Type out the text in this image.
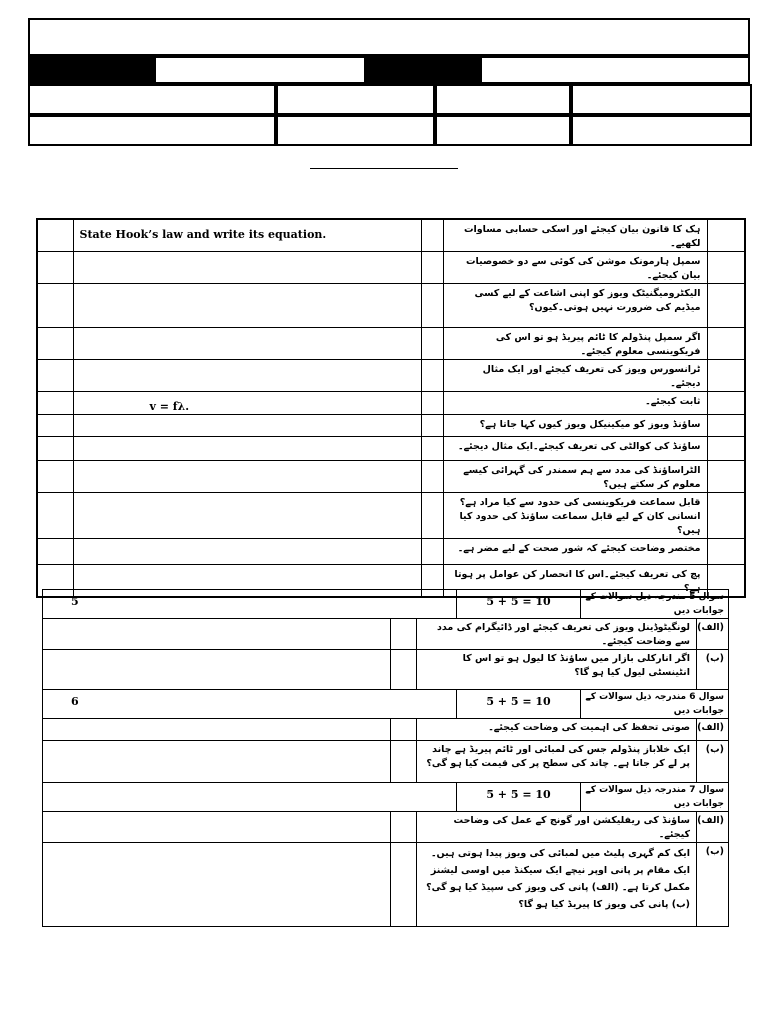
	State Hook’s law and write its equation.		ہک کا قانون بیان کیجئے اور اسکی حسابی مساوات لکھیے۔	

			سمپل ہارمونک موشن کی کوئی سے دو خصوصیات بیان کیجئے۔	

			الیکٹرومیگنیٹک ویوز کو اپنی اشاعت کے لیے کسی میڈیم کی ضرورت نہیں ہوتی۔کیوں؟	

			اگر سمپل پنڈولم کا ٹائم پیریڈ ہو تو اس کی فریکوینسی معلوم کیجئے۔	

			ٹرانسورس ویوز کی تعریف کیجئے اور ایک مثال دیجئے۔	

	v = fλ.		ثابت کیجئے۔	

			ساؤنڈ ویوز کو میکینیکل ویوز کیوں کہا جاتا ہے؟	

			ساؤنڈ کی کوالٹی کی تعریف کیجئے۔ایک مثال دیجئے۔	

			الٹراساؤنڈ کی مدد سے ہم سمندر کی گہرائی کیسے معلوم کر سکتے ہیں؟	

			قابل سماعت فریکوینسی کی حدود سے کیا مراد ہے؟انسانی کان کے لیے قابل سماعت ساؤنڈ کی حدود کیا ہیں؟	

			مختصر وضاحت کیجئے کہ شور صحت کے لیے مضر ہے۔	

			پچ کی تعریف کیجئے۔اس کا انحصار کن عوامل پر ہوتا ہے؟	

5			5 + 5 = 10	سوال 5 مندرجہ ذیل سوالات کے جوابات دیں	

		لونگیٹوڈینل ویوز کی تعریف کیجئے اور ڈائیگرام کی مدد سے وضاحت کیجئے۔			(الف)

		اگر انارکلی بازار میں ساؤنڈ کا لیول ہو تو اس کا انٹینسٹی لیول کیا ہو گا؟			(ب)

6			5 + 5 = 10	سوال 6 مندرجہ ذیل سوالات کے جوابات دیں	

		صوتی تحفظ کی اہمیت کی وضاحت کیجئے۔			(الف)

		ایک خلاباز پنڈولم جس کی لمبائی اور ٹائم پیریڈ ہے چاند پر لے کر جاتا ہے۔ چاند کی سطح پر کی قیمت کیا ہو گی؟			(ب)

			5 + 5 = 10	سوال 7 مندرجہ ذیل سوالات کے جوابات دیں	

		ساؤنڈ کی ریفلیکشن اور گونج کے عمل کی وضاحت کیجئے۔			(الف)

		ایک کم گہری پلیٹ میں لمبائی کی ویوز پیدا ہوتی ہیں۔ایک مقام پر پانی اوپر نیچے ایک سیکنڈ میں اوسی لیشنز مکمل کرتا ہے۔ (الف) پانی کی ویوز کی سپیڈ کیا ہو گی؟ (ب) پانی کی ویوز کا پیریڈ کیا ہو گا؟			(ب)
